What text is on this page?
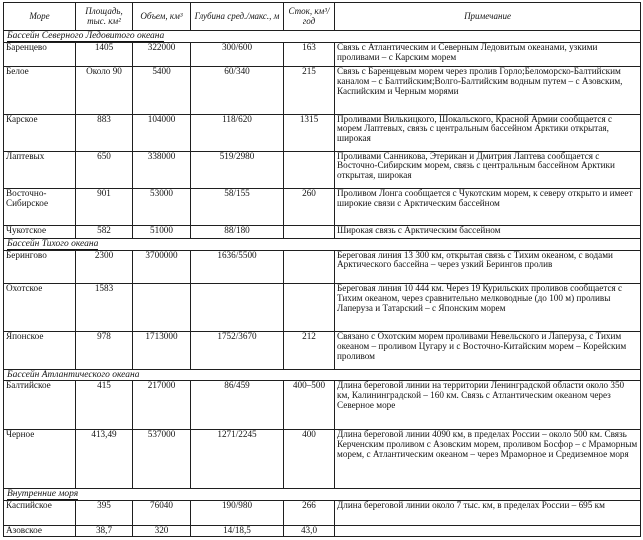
Море	Площадь, тыс. км²	Объем, км³	Глубина сред./макс., м	Сток, км³/год	Примечание
Бассейн Северного Ледовитого океана					
Баренцево	1405	322000	300/600	163	Связь с Атлантическим и Северным Ледовитым океанами, узкими проливами – с Карским морем
Белое	Около 90	5400	60/340	215	Связь с Баренцевым морем через пролив Горло;Беломорско-Балтийским каналом – с Балтийским;Волго-Балтийским водным путем – с Азовским, Каспийским и Черным морями
Карское	883	104000	118/620	1315	Проливами Вилькицкого, Шокальского, Красной Армии сообщается с морем Лаптевых, связь с центральным бассейном Арктики открытая, широкая
Лаптевых	650	338000	519/2980		Проливами Санникова, Этерикан и Дмитрия Лаптева сообщается с Восточно-Сибирским морем, связь с центральным бассейном Арктики открытая, широкая
Восточно-Сибирское	901	53000	58/155	260	Проливом Лонга сообщается с Чукотским морем, к северу открыто и имеет широкие связи с Арктическим бассейном
Чукотское	582	51000	88/180		Широкая связь с Арктическим бассейном
Бассейн Тихого океана					
Берингово	2300	3700000	1636/5500		Береговая линия 13 300 км, открытая связь с Тихим океаном, с водами Арктического бассейна – через узкий Берингов пролив
Охотское	1583				Береговая линия 10 444 км. Через 19 Курильских проливов сообщается с Тихим океаном, через сравнительно мелководные (до 100 м) проливы Лаперуза и Татарский – с Японским морем
Японское	978	1713000	1752/3670	212	Связано с Охотским морем проливами Невельского и Лаперуза, с Тихим океаном – проливом Цугару и с Восточно-Китайским морем – Корейским проливом
Бассейн Атлантического океана					
Балтийское	415	217000	86/459	400–500	Длина береговой линии на территории Ленинградской области около 350 км, Калининградской – 160 км. Связь с Атлантическим океаном через Северное море
Черное	413,49	537000	1271/2245	400	Длина береговой линии 4090 км, в пределах России – около 500 км. Связь Керченским проливом с Азовским морем, проливом Босфор – с Мраморным морем, с Атлантическим океаном – через Мраморное и Средиземное моря
Внутренние моря					
Каспийское	395	76040	190/980	266	Длина береговой линии около 7 тыс. км, в пределах России – 695 км
Азовское	38,7	320	14/18,5	43,0	
